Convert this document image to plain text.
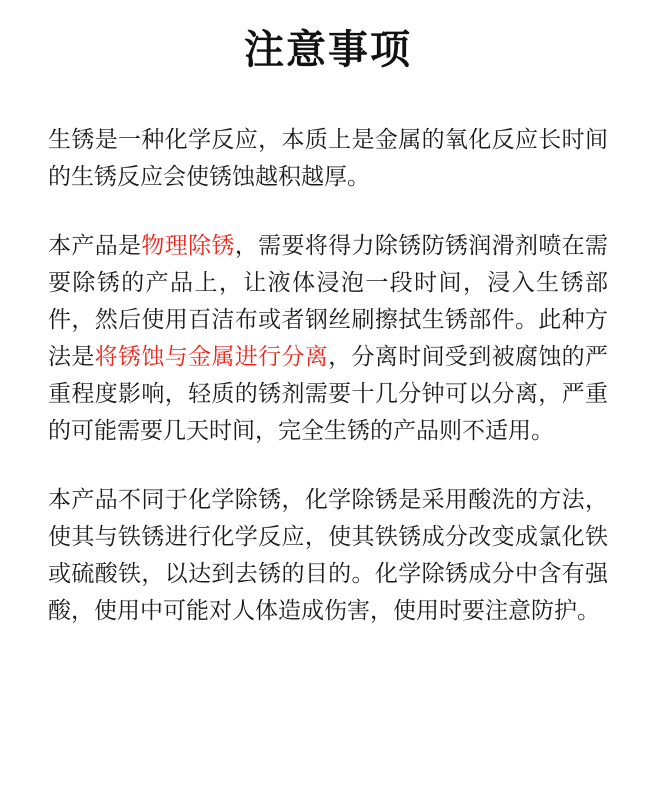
注意事项

生锈是一种化学反应，本质上是金属的氧化反应长时间的生锈反应会使锈蚀越积越厚。

本产品是物理除锈，需要将得力除锈防锈润滑剂喷在需要除锈的产品上，让液体浸泡一段时间，浸入生锈部件，然后使用百洁布或者钢丝刷擦拭生锈部件。此种方法是将锈蚀与金属进行分离，分离时间受到被腐蚀的严重程度影响，轻质的锈剂需要十几分钟可以分离，严重的可能需要几天时间，完全生锈的产品则不适用。

本产品不同于化学除锈，化学除锈是采用酸洗的方法，使其与铁锈进行化学反应，使其铁锈成分改变成氯化铁或硫酸铁，以达到去锈的目的。化学除锈成分中含有强酸，使用中可能对人体造成伤害，使用时要注意防护。
